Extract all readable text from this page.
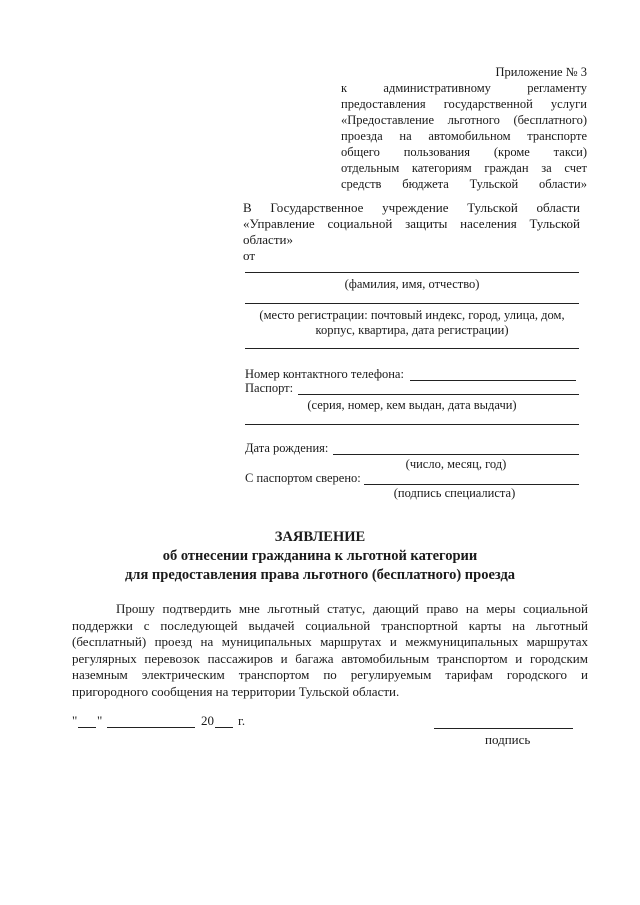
Приложение № 3
к административному регламенту
предоставления государственной услуги
«Предоставление льготного (бесплатного)
проезда на автомобильном транспорте
общего пользования (кроме такси)
отдельным категориям граждан за счет
средств бюджета Тульской области»
В Государственное учреждение Тульской области
«Управление социальной защиты населения Тульской
области»
от
(фамилия, имя, отчество)
(место регистрации: почтовый индекс, город, улица, дом,
корпус, квартира, дата регистрации)
Номер контактного телефона:
Паспорт:
(серия, номер, кем выдан, дата выдачи)
Дата рождения:
(число, месяц, год)
С паспортом сверено:
(подпись специалиста)
ЗАЯВЛЕНИЕ
об отнесении гражданина к льготной категории
для предоставления права льготного (бесплатного) проезда
Прошу подтвердить мне льготный статус, дающий право на меры социальной поддержки с последующей выдачей социальной транспортной карты на льготный (бесплатный) проезд на муниципальных маршрутах и межмуниципальных маршрутах регулярных перевозок пассажиров и багажа автомобильным транспортом и городским наземным электрическим транспортом по регулируемым тарифам городского и пригородного сообщения на территории Тульской области.
" "	20 г.
подпись
